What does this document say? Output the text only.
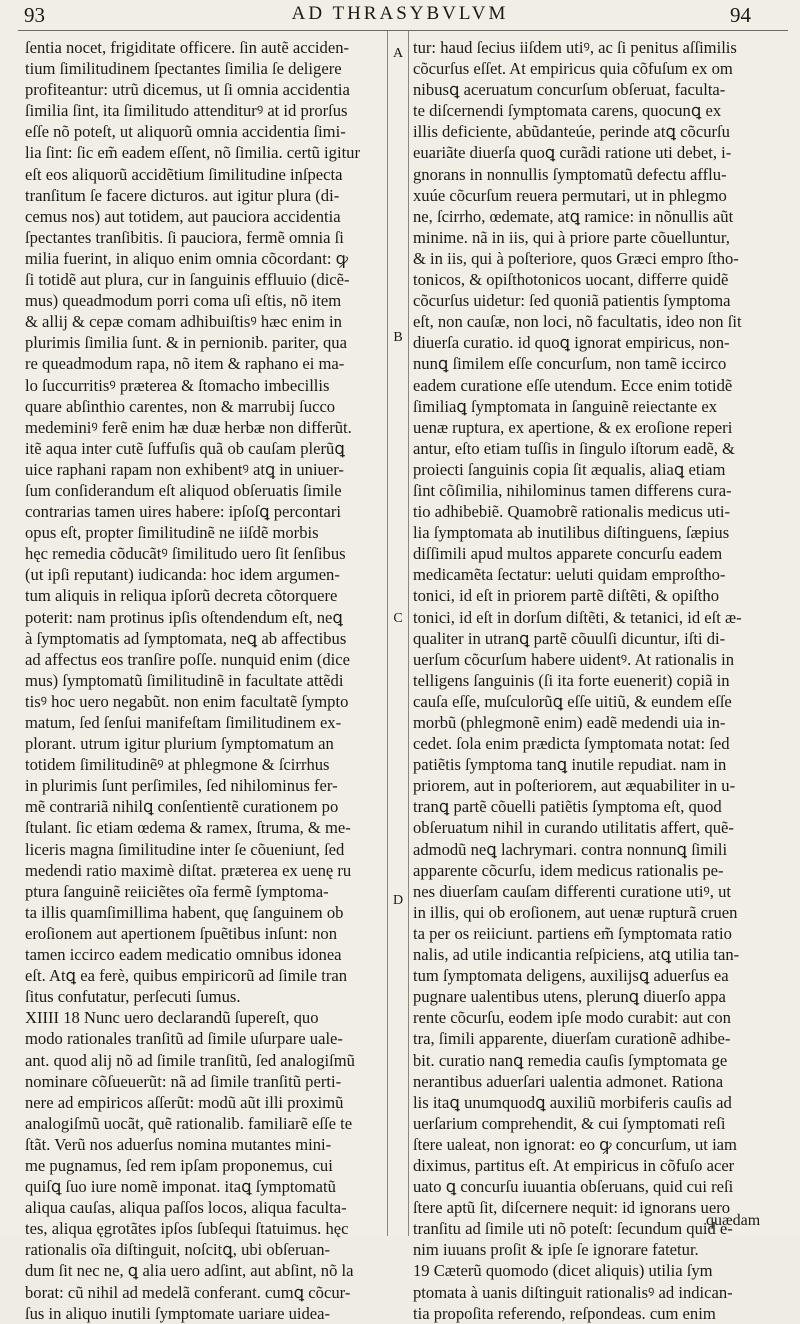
93	AD THRASYBVLVM	94
A
B
C
D
ſentia nocet, frigiditate officere. ſin autẽ acciden-
tium ſimilitudinem ſpectantes ſimilia ſe deligere
profiteantur: utrũ dicemus, ut ſi omnia accidentia
ſimilia ſint, ita ſimilitudo attenditurꝰ at id prorſus
eſſe nõ poteſt, ut aliquorũ omnia accidentia ſimi-
lia ſint: ſic em̃ eadem eſſent, nõ ſimilia. certũ igitur
eſt eos aliquorũ accidẽtium ſimilitudine inſpecta
tranſitum ſe facere dicturos. aut igitur plura (di-
cemus nos) aut totidem, aut pauciora accidentia
ſpectantes tranſibitis. ſi pauciora, fermẽ omnia ſi
milia fuerint, in aliquo enim omnia cõcordant: ꝙ
ſi totidẽ aut plura, cur in ſanguinis effluuio (dicẽ-
mus) queadmodum porri coma uſi eſtis, nõ item
& allij & cepæ comam adhibuiſtisꝰ hæc enim in
plurimis ſimilia ſunt. & in pernionib. pariter, qua
re queadmodum rapa, nõ item & raphano ei ma-
lo ſuccurritisꝰ præterea & ſtomacho imbecillis
quare abſinthio carentes, non & marrubij ſucco
medeminiꝰ ferẽ enim hæ duæ herbæ non differũt.
itẽ aqua inter cutẽ ſuffuſis quã ob cauſam plerũꝗ
uice raphani rapam non exhibentꝰ atꝗ in uniuer-
ſum conſiderandum eſt aliquod obſeruatis ſimile
contrarias tamen uires habere: ipſoſꝗ percontari
opus eſt, propter ſimilitudinẽ ne iiſdẽ morbis
hęc remedia cõducãtꝰ ſimilitudo uero ſit ſenſibus
(ut ipſi reputant) iudicanda: hoc idem argumen-
tum aliquis in reliqua ipſorũ decreta cõtorquere
poterit: nam protinus ipſis oſtendendum eſt, neꝗ
à ſymptomatis ad ſymptomata, neꝗ ab affectibus
ad affectus eos tranſire poſſe. nunquid enim (dice
mus) ſymptomatũ ſimilitudinẽ in facultate attẽdi
tisꝰ hoc uero negabũt. non enim facultatẽ ſympto
matum, ſed ſenſui manifeſtam ſimilitudinem ex-
plorant. utrum igitur plurium ſymptomatum an
totidem ſimilitudinẽꝰ at phlegmone & ſcirrhus
in plurimis ſunt perſimiles, ſed nihilominus fer-
mẽ contrariã nihilꝗ conſentientẽ curationem po
ſtulant. ſic etiam œdema & ramex, ſtruma, & me-
liceris magna ſimilitudine inter ſe cõueniunt, ſed
medendi ratio maximè diſtat. præterea ex uenę ru
ptura ſanguinẽ reiiciẽtes oĩa fermẽ ſymptoma-
ta illis quamſimillima habent, quę ſanguinem ob
eroſionem aut apertionem ſpuẽtibus inſunt: non
tamen iccirco eadem medicatio omnibus idonea
eſt. Atꝗ ea ferè, quibus empiricorũ ad ſimile tran
ſitus confutatur, perſecuti ſumus.
XIIII 18 Nunc uero declarandũ ſupereſt, quo
modo rationales tranſitũ ad ſimile uſurpare uale-
ant. quod alij nõ ad ſimile tranſitũ, ſed analogiſmũ
nominare cõſueuerũt: nã ad ſimile tranſitũ perti-
nere ad empiricos aſſerũt: modũ aũt illi proximũ
analogiſmũ uocãt, quẽ rationalib. familiarẽ eſſe te
ſtãt. Verũ nos aduerſus nomina mutantes mini-
me pugnamus, ſed rem ipſam proponemus, cui
quiſꝗ ſuo iure nomẽ imponat. itaꝗ ſymptomatũ
aliqua cauſas, aliqua paſſos locos, aliqua faculta-
tes, aliqua ęgrotãtes ipſos ſubſequi ſtatuimus. hęc
rationalis oĩa diſtinguit, noſcitꝗ, ubi obſeruan-
dum ſit nec ne, ꝗ alia uero adſint, aut abſint, nõ la
borat: cũ nihil ad medelã conferant. cumꝗ cõcur-
ſus in aliquo inutili ſymptomate uariare uidea-
tur: haud ſecius iiſdem utiꝰ, ac ſi penitus aſſimilis
cõcurſus eſſet. At empiricus quia cõfuſum ex om
nibusꝗ aceruatum concurſum obſeruat, faculta-
te diſcernendi ſymptomata carens, quocunꝗ ex
illis deficiente, abũdanteúe, perinde atꝗ cõcurſu
euariãte diuerſa quoꝗ curãdi ratione uti debet, i-
gnorans in nonnullis ſymptomatũ defectu afflu-
xuúe cõcurſum reuera permutari, ut in phlegmo
ne, ſcirrho, œdemate, atꝗ ramice: in nõnullis aũt
minime. nã in iis, qui à priore parte cõuelluntur,
& in iis, qui à poſteriore, quos Græci empro ſtho-
tonicos, & opiſthotonicos uocant, differre quidẽ
cõcurſus uidetur: ſed quoniã patientis ſymptoma
eſt, non cauſæ, non loci, nõ facultatis, ideo non ſit
diuerſa curatio. id quoꝗ ignorat empiricus, non-
nunꝗ ſimilem eſſe concurſum, non tamẽ iccirco
eadem curatione eſſe utendum. Ecce enim totidẽ
ſimiliaꝗ ſymptomata in ſanguinẽ reiectante ex
uenæ ruptura, ex apertione, & ex eroſione reperi
antur, eſto etiam tuſſis in ſingulo iſtorum eadẽ, &
proiecti ſanguinis copia ſit æqualis, aliaꝗ etiam
ſint cõſimilia, nihilominus tamen differens cura-
tio adhibebiẽ. Quamobrẽ rationalis medicus uti-
lia ſymptomata ab inutilibus diſtinguens, ſæpius
diſſimili apud multos apparete concurſu eadem
medicamẽta ſectatur: ueluti quidam emproſtho-
tonici, id eſt in priorem partẽ diſtẽti, & opiſtho
tonici, id eſt in dorſum diſtẽti, & tetanici, id eſt æ-
qualiter in utranꝗ partẽ cõuulſi dicuntur, iſti di-
uerſum cõcurſum habere uidentꝰ. At rationalis in
telligens ſanguinis (ſi ita forte euenerit) copiã in
cauſa eſſe, muſculorũꝗ eſſe uitiũ, & eundem eſſe
morbũ (phlegmonẽ enim) eadẽ medendi uia in-
cedet. ſola enim prædicta ſymptomata notat: ſed
patiẽtis ſymptoma tanꝗ inutile repudiat. nam in
priorem, aut in poſteriorem, aut æquabiliter in u-
tranꝗ partẽ cõuelli patiẽtis ſymptoma eſt, quod
obſeruatum nihil in curando utilitatis affert, quẽ-
admodũ neꝗ lachrymari. contra nonnunꝗ ſimili
apparente cõcurſu, idem medicus rationalis pe-
nes diuerſam cauſam differenti curatione utiꝰ, ut
in illis, qui ob eroſionem, aut uenæ rupturã cruen
ta per os reiiciunt. partiens em̃ ſymptomata ratio
nalis, ad utile indicantia reſpiciens, atꝗ utilia tan-
tum ſymptomata deligens, auxilijsꝗ aduerſus ea
pugnare ualentibus utens, plerunꝗ diuerſo appa
rente cõcurſu, eodem ipſe modo curabit: aut con
tra, ſimili apparente, diuerſam curationẽ adhibe-
bit. curatio nanꝗ remedia cauſis ſymptomata ge
nerantibus aduerſari ualentia admonet. Rationa
lis itaꝗ unumquodꝗ auxiliũ morbiferis cauſis ad
uerſarium comprehendit, & cui ſymptomati reſi
ſtere ualeat, non ignorat: eo ꝙ concurſum, ut iam
diximus, partitus eſt. At empiricus in cõfuſo acer
uato ꝗ concurſu iuuantia obſeruans, quid cui reſi
ſtere aptũ ſit, diſcernere nequit: id ignorans uero
tranſitu ad ſimile uti nõ poteſt: ſecundum quid e-
nim iuuans proſit & ipſe ſe ignorare fatetur.
19 Cæterũ quomodo (dicet aliquis) utilia ſym
ptomata à uanis diſtinguit rationalisꝰ ad indican-
tia propoſita referendo, reſpondeas. cum enim
quædam
